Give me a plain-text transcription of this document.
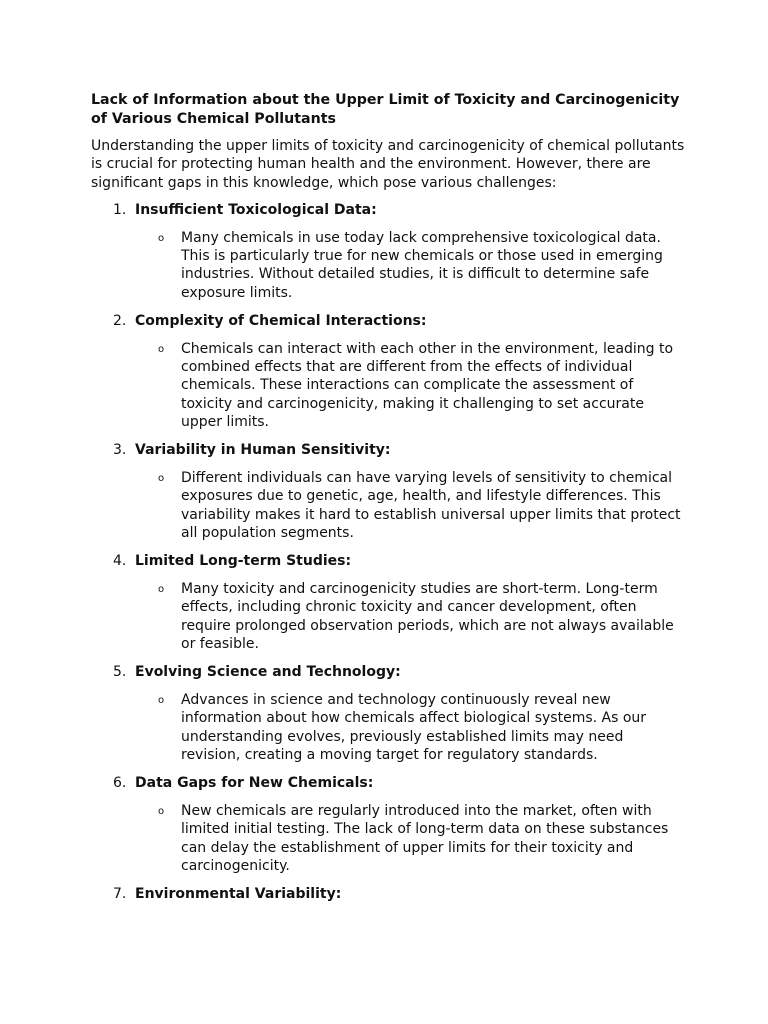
Lack of Information about the Upper Limit of Toxicity and Carcinogenicity of Various Chemical Pollutants
Understanding the upper limits of toxicity and carcinogenicity of chemical pollutants is crucial for protecting human health and the environment. However, there are significant gaps in this knowledge, which pose various challenges:
1. Insufficient Toxicological Data:
o Many chemicals in use today lack comprehensive toxicological data. This is particularly true for new chemicals or those used in emerging industries. Without detailed studies, it is difficult to determine safe exposure limits.
2. Complexity of Chemical Interactions:
o Chemicals can interact with each other in the environment, leading to combined effects that are different from the effects of individual chemicals. These interactions can complicate the assessment of toxicity and carcinogenicity, making it challenging to set accurate upper limits.
3. Variability in Human Sensitivity:
o Different individuals can have varying levels of sensitivity to chemical exposures due to genetic, age, health, and lifestyle differences. This variability makes it hard to establish universal upper limits that protect all population segments.
4. Limited Long-term Studies:
o Many toxicity and carcinogenicity studies are short-term. Long-term effects, including chronic toxicity and cancer development, often require prolonged observation periods, which are not always available or feasible.
5. Evolving Science and Technology:
o Advances in science and technology continuously reveal new information about how chemicals affect biological systems. As our understanding evolves, previously established limits may need revision, creating a moving target for regulatory standards.
6. Data Gaps for New Chemicals:
o New chemicals are regularly introduced into the market, often with limited initial testing. The lack of long-term data on these substances can delay the establishment of upper limits for their toxicity and carcinogenicity.
7. Environmental Variability:
